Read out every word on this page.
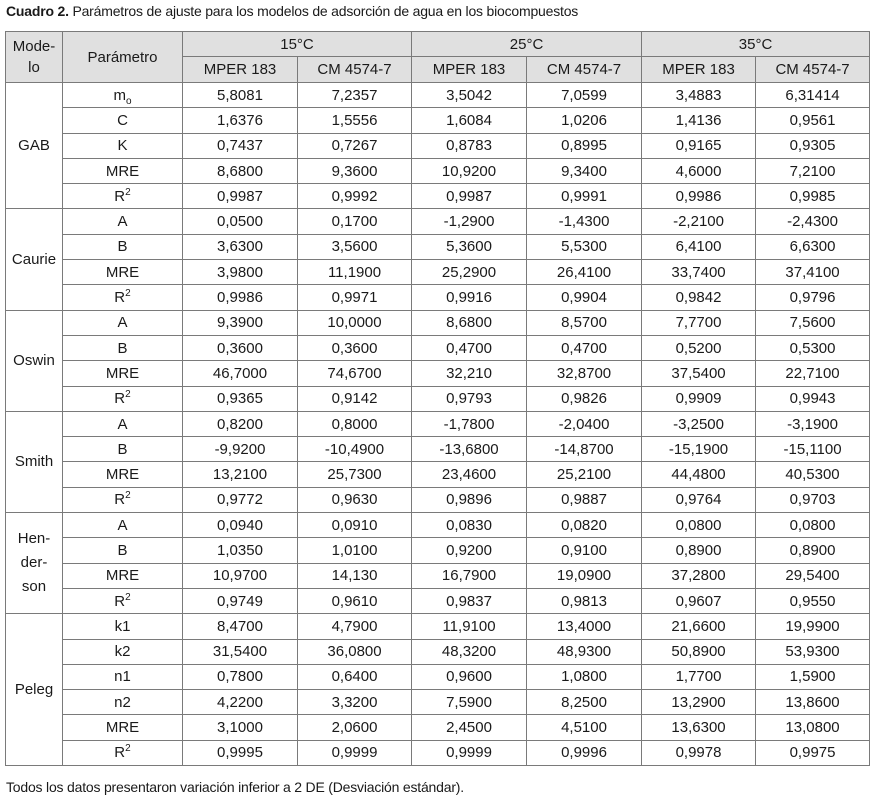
Cuadro 2. Parámetros de ajuste para los modelos de adsorción de agua en los biocompuestos
Mode-
lo	Parámetro	15°C		25°C		35°C	
		MPER 183	CM 4574-7	MPER 183	CM 4574-7	MPER 183	CM 4574-7
GAB	$m_o$	5,8081	7,2357	3,5042	7,0599	3,4883	6,31414
	C	1,6376	1,5556	1,6084	1,0206	1,4136	0,9561
	K	0,7437	0,7267	0,8783	0,8995	0,9165	0,9305
	MRE	8,6800	9,3600	10,9200	9,3400	4,6000	7,2100
	$R^2$	0,9987	0,9992	0,9987	0,9991	0,9986	0,9985
Caurie	A	0,0500	0,1700	-1,2900	-1,4300	-2,2100	-2,4300
	B	3,6300	3,5600	5,3600	5,5300	6,4100	6,6300
	MRE	3,9800	11,1900	25,2900	26,4100	33,7400	37,4100
	$R^2$	0,9986	0,9971	0,9916	0,9904	0,9842	0,9796
Oswin	A	9,3900	10,0000	8,6800	8,5700	7,7700	7,5600
	B	0,3600	0,3600	0,4700	0,4700	0,5200	0,5300
	MRE	46,7000	74,6700	32,210	32,8700	37,5400	22,7100
	$R^2$	0,9365	0,9142	0,9793	0,9826	0,9909	0,9943
Smith	A	0,8200	0,8000	-1,7800	-2,0400	-3,2500	-3,1900
	B	-9,9200	-10,4900	-13,6800	-14,8700	-15,1900	-15,1100
	MRE	13,2100	25,7300	23,4600	25,2100	44,4800	40,5300
	$R^2$	0,9772	0,9630	0,9896	0,9887	0,9764	0,9703
Hen-
der-
son	A	0,0940	0,0910	0,0830	0,0820	0,0800	0,0800
	B	1,0350	1,0100	0,9200	0,9100	0,8900	0,8900
	MRE	10,9700	14,130	16,7900	19,0900	37,2800	29,5400
	$R^2$	0,9749	0,9610	0,9837	0,9813	0,9607	0,9550
Peleg	k1	8,4700	4,7900	11,9100	13,4000	21,6600	19,9900
	k2	31,5400	36,0800	48,3200	48,9300	50,8900	53,9300
	n1	0,7800	0,6400	0,9600	1,0800	1,7700	1,5900
	n2	4,2200	3,3200	7,5900	8,2500	13,2900	13,8600
	MRE	3,1000	2,0600	2,4500	4,5100	13,6300	13,0800
	$R^2$	0,9995	0,9999	0,9999	0,9996	0,9978	0,9975
Todos los datos presentaron variación inferior a 2 DE (Desviación estándar).
